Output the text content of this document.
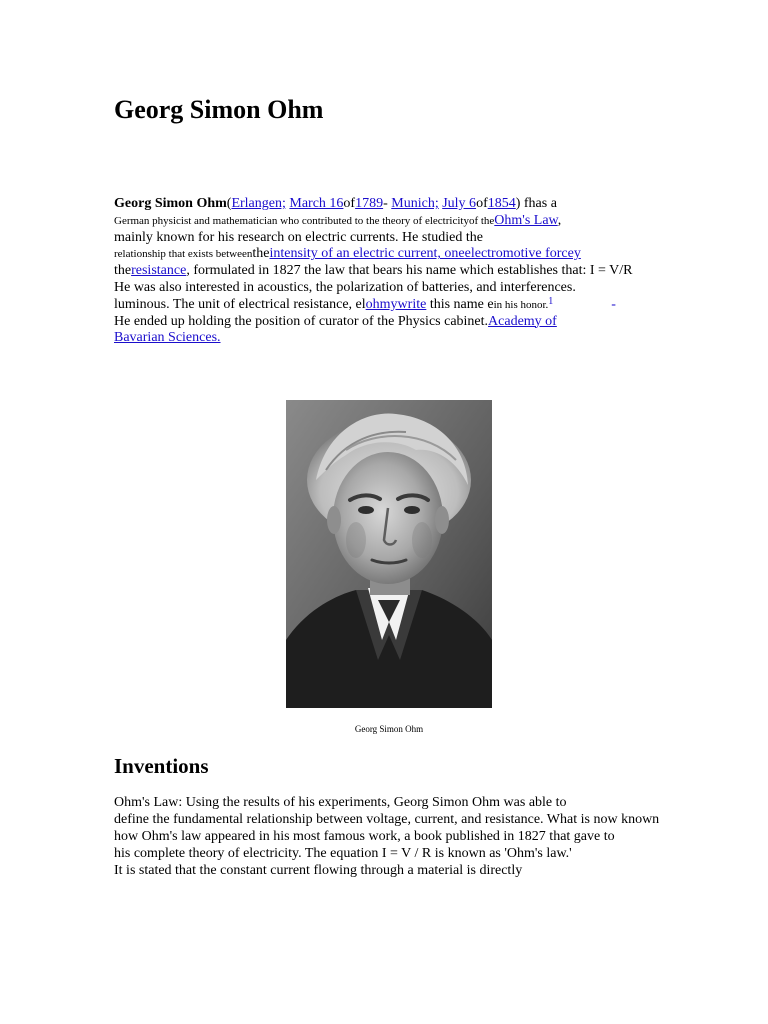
Georg Simon Ohm
Georg Simon Ohm(Erlangen; March 16of1789- Munich; July 6of1854) fhas a
German physicist and mathematician who contributed to the theory of electricityof theOhm's Law,
mainly known for his research on electric currents. He studied the
relationship that exists betweentheintensity of an electric current, oneelectromotive forcey
theresistance, formulated in 1827 the law that bears his name which establishes that: I = V/R
He was also interested in acoustics, the polarization of batteries, and interferences.
luminous. The unit of electrical resistance, elohmywrite this name ein his honor.$^1$	-
He ended up holding the position of curator of the Physics cabinet.Academy of
Bavarian Sciences.
Georg Simon Ohm
Inventions
Ohm's Law: Using the results of his experiments, Georg Simon Ohm was able to
define the fundamental relationship between voltage, current, and resistance. What is now known
how Ohm's law appeared in his most famous work, a book published in 1827 that gave to
his complete theory of electricity. The equation I = V / R is known as 'Ohm's law.'
It is stated that the constant current flowing through a material is directly
